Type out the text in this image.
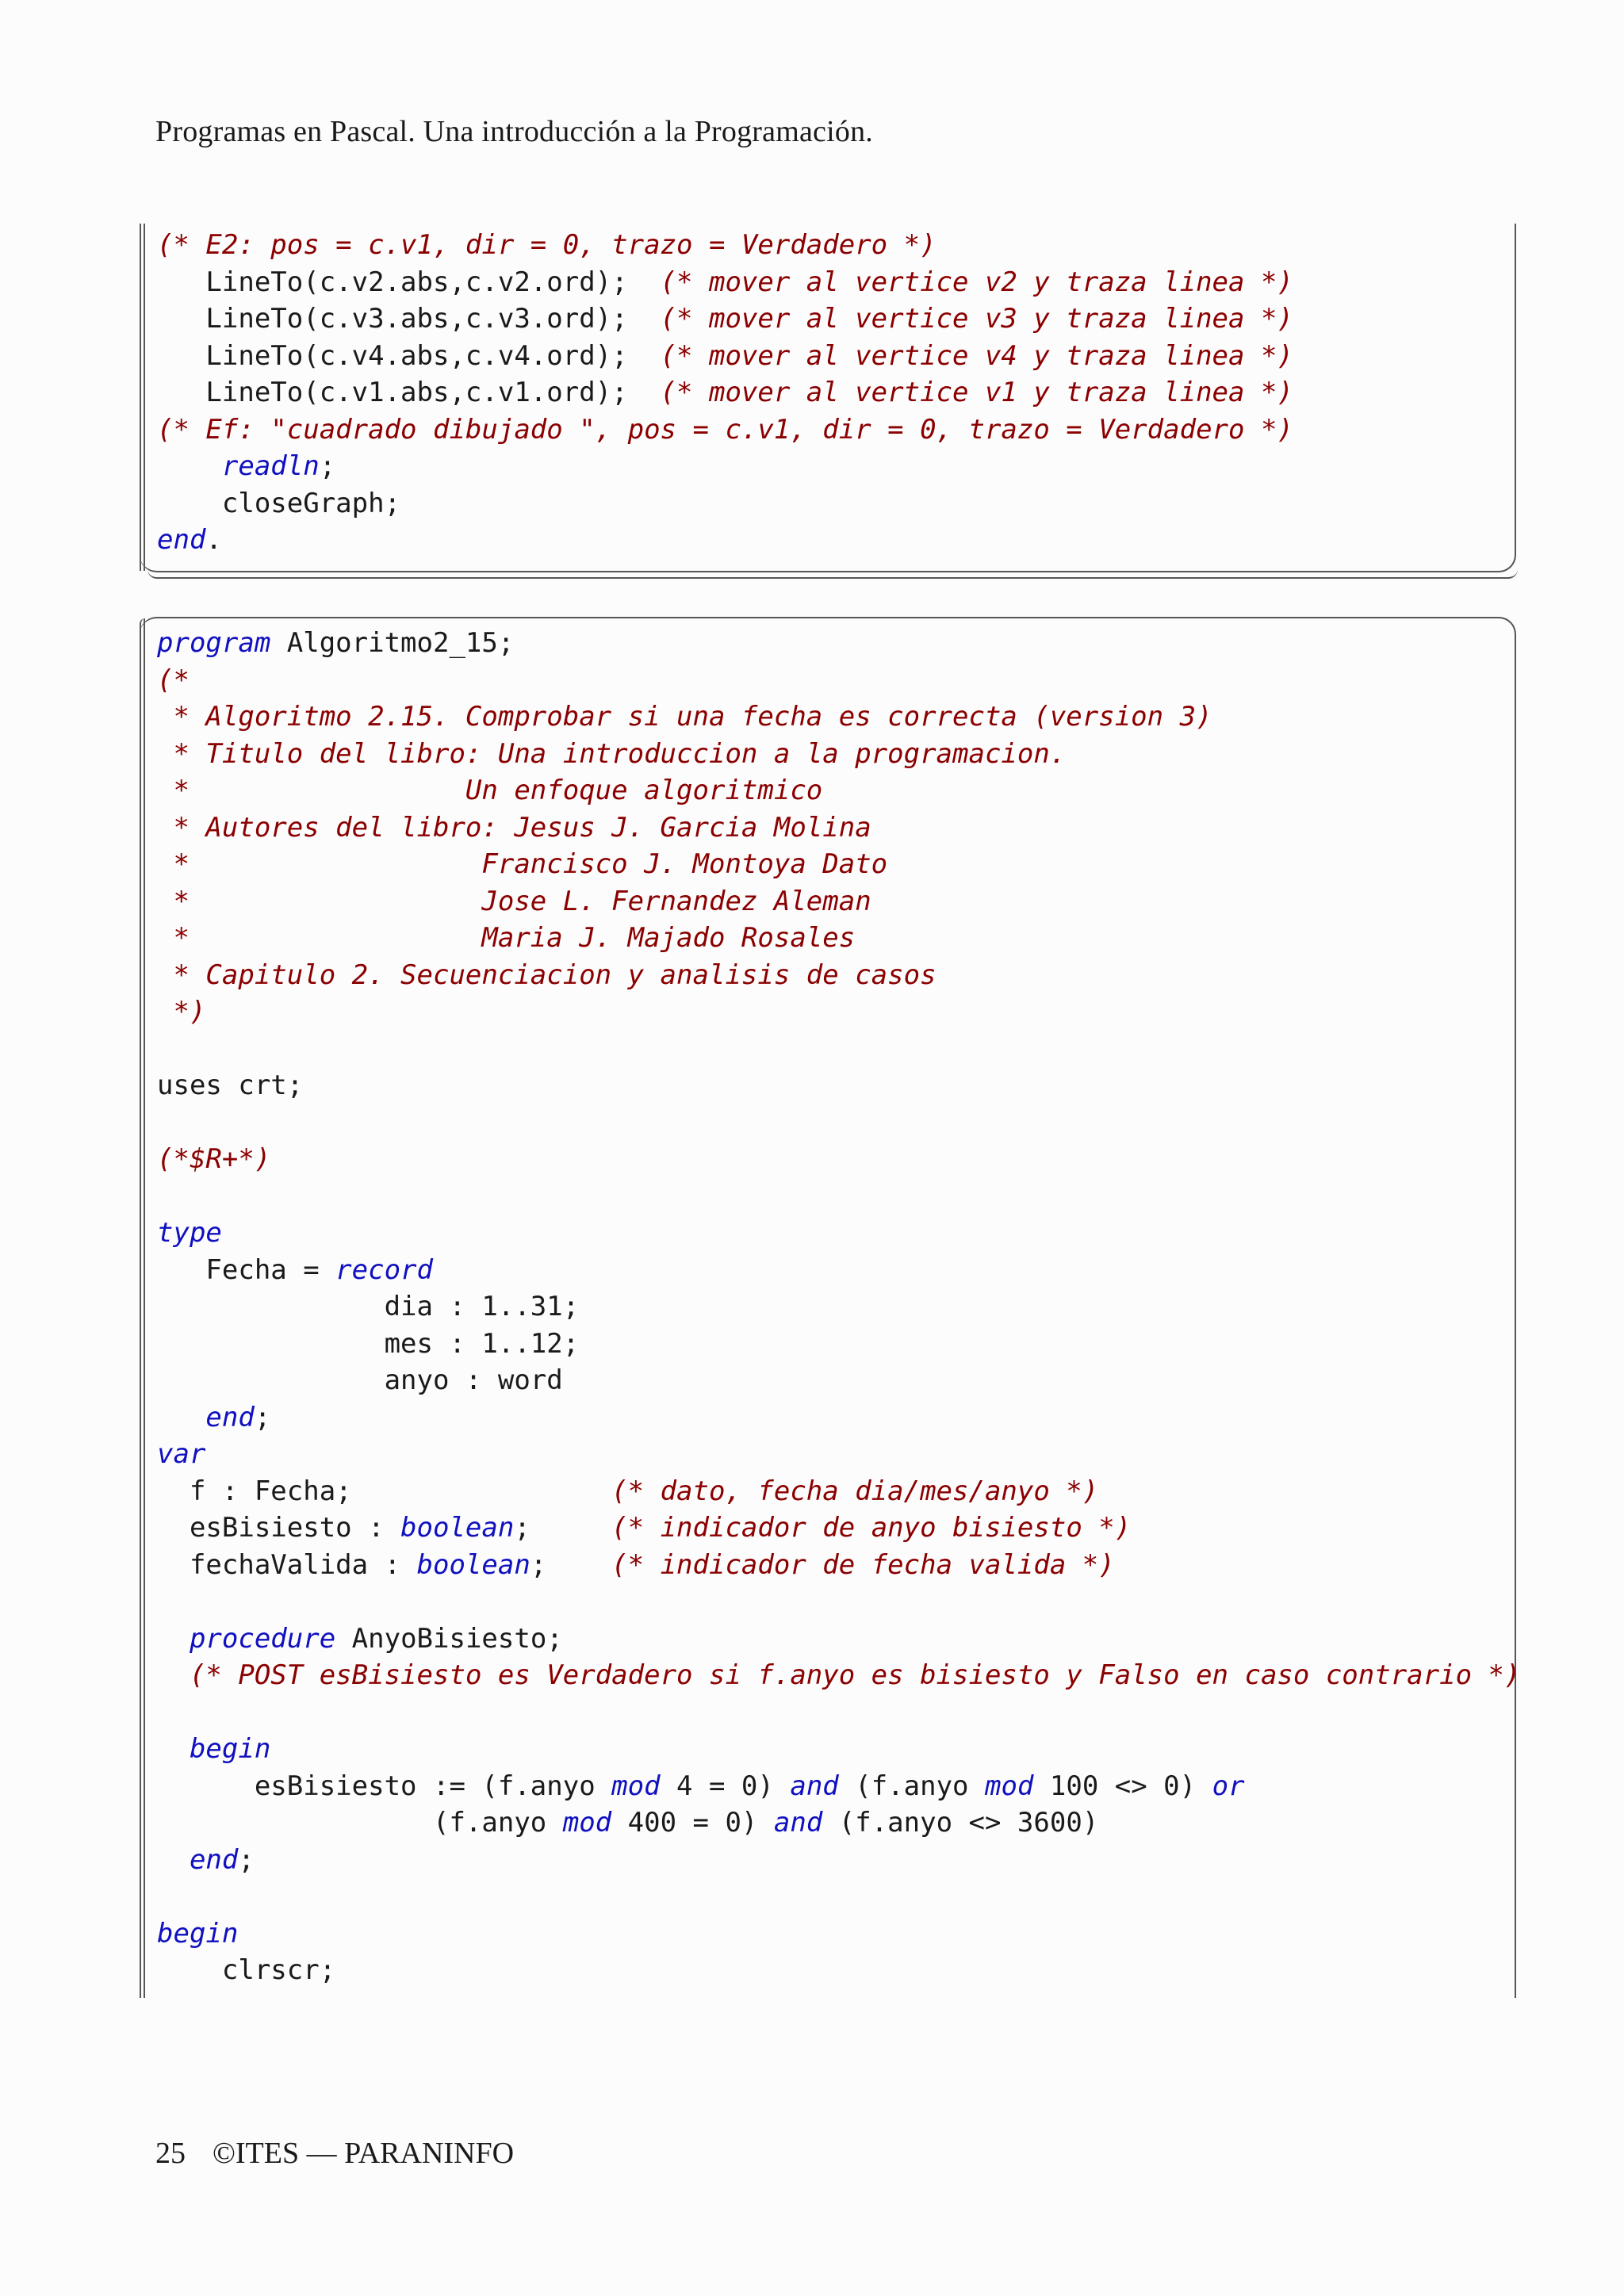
Programas en Pascal. Una introducción a la Programación.
(* E2: pos = c.v1, dir = 0, trazo = Verdadero *)
LineTo(c.v2.abs,c.v2.ord);  (* mover al vertice v2 y traza linea *)
LineTo(c.v3.abs,c.v3.ord);  (* mover al vertice v3 y traza linea *)
LineTo(c.v4.abs,c.v4.ord);  (* mover al vertice v4 y traza linea *)
LineTo(c.v1.abs,c.v1.ord);  (* mover al vertice v1 y traza linea *)
(* Ef: "cuadrado dibujado ", pos = c.v1, dir = 0, trazo = Verdadero *)
readln;
closeGraph;
end.
program Algoritmo2_15;
(*
* Algoritmo 2.15. Comprobar si una fecha es correcta (version 3)
* Titulo del libro: Una introduccion a la programacion.
*                 Un enfoque algoritmico
* Autores del libro: Jesus J. Garcia Molina
*                  Francisco J. Montoya Dato
*                  Jose L. Fernandez Aleman
*                  Maria J. Majado Rosales
* Capitulo 2. Secuenciacion y analisis de casos
*)
uses crt;
(*$R+*)
type
Fecha = record
dia : 1..31;
mes : 1..12;
anyo : word
end;
var
f : Fecha;                (* dato, fecha dia/mes/anyo *)
esBisiesto : boolean;     (* indicador de anyo bisiesto *)
fechaValida : boolean;    (* indicador de fecha valida *)
procedure AnyoBisiesto;
(* POST esBisiesto es Verdadero si f.anyo es bisiesto y Falso en caso contrario *)
begin
esBisiesto := (f.anyo mod 4 = 0) and (f.anyo mod 100 <> 0) or
(f.anyo mod 400 = 0) and (f.anyo <> 3600)
end;
begin
clrscr;
25 ©ITES — PARANINFO
